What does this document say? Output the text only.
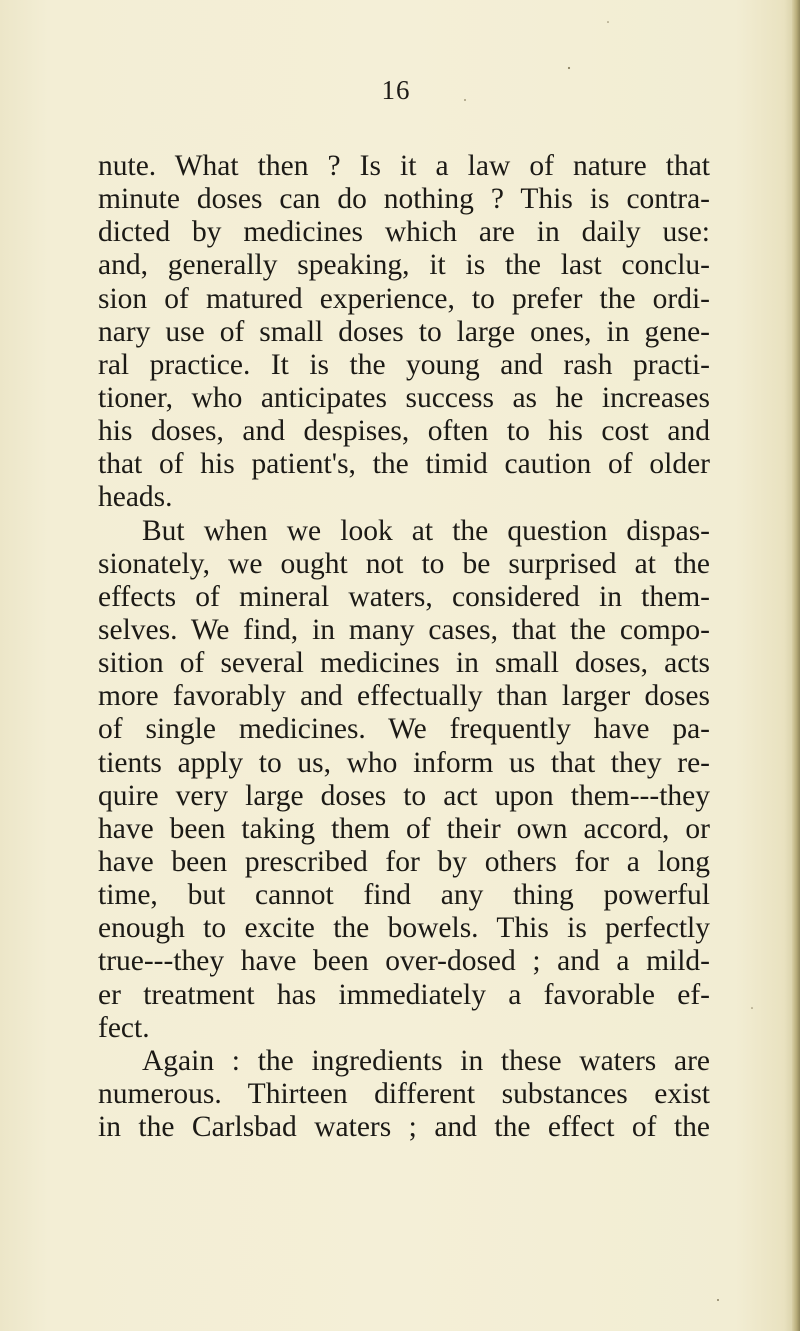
16
nute. What then ? Is it a law of nature that
minute doses can do nothing ? This is contra-
dicted by medicines which are in daily use:
and, generally speaking, it is the last conclu-
sion of matured experience, to prefer the ordi-
nary use of small doses to large ones, in gene-
ral practice. It is the young and rash practi-
tioner, who anticipates success as he increases
his doses, and despises, often to his cost and
that of his patient's, the timid caution of older
heads.
But when we look at the question dispas-
sionately, we ought not to be surprised at the
effects of mineral waters, considered in them-
selves. We find, in many cases, that the compo-
sition of several medicines in small doses, acts
more favorably and effectually than larger doses
of single medicines. We frequently have pa-
tients apply to us, who inform us that they re-
quire very large doses to act upon them---they
have been taking them of their own accord, or
have been prescribed for by others for a long
time, but cannot find any thing powerful
enough to excite the bowels. This is perfectly
true---they have been over-dosed ; and a mild-
er treatment has immediately a favorable ef-
fect.
Again : the ingredients in these waters are
numerous. Thirteen different substances exist
in the Carlsbad waters ; and the effect of the
